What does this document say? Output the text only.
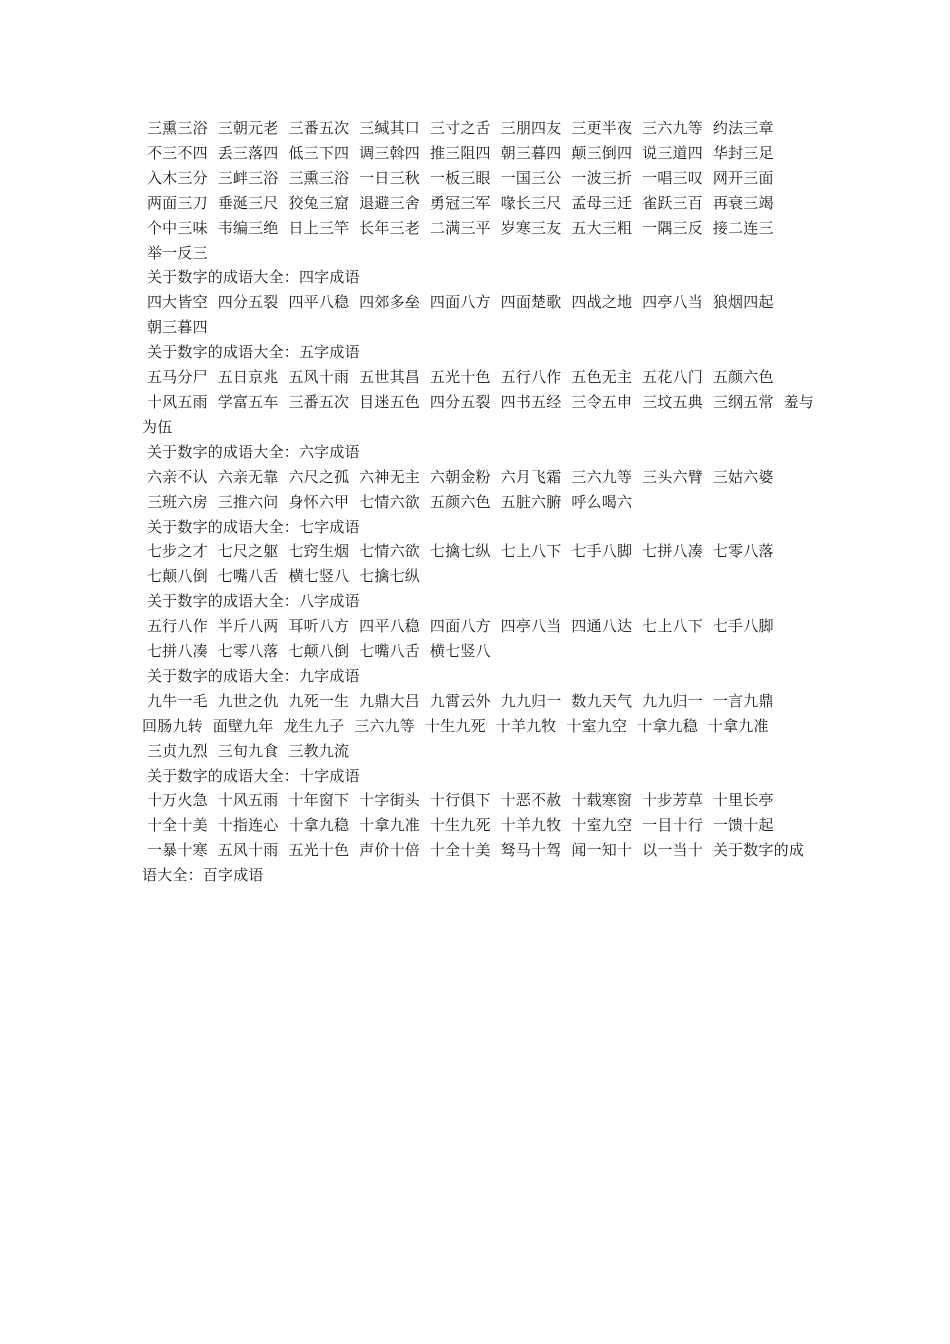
三熏三浴  三朝元老  三番五次  三缄其口  三寸之舌  三朋四友  三更半夜  三六九等  约法三章

不三不四  丢三落四  低三下四  调三斡四  推三阻四  朝三暮四  颠三倒四  说三道四  华封三足

入木三分  三衅三浴  三熏三浴  一日三秋  一板三眼  一国三公  一波三折  一唱三叹  网开三面

两面三刀  垂涎三尺  狡兔三窟  退避三舍  勇冠三军  喙长三尺  孟母三迁  雀跃三百  再衰三竭

个中三味  韦编三绝  日上三竿  长年三老  二满三平  岁寒三友  五大三粗  一隅三反  接二连三

举一反三

关于数字的成语大全：四字成语

四大皆空  四分五裂  四平八稳  四郊多垒  四面八方  四面楚歌  四战之地  四亭八当  狼烟四起

朝三暮四

关于数字的成语大全：五字成语

五马分尸  五日京兆  五风十雨  五世其昌  五光十色  五行八作  五色无主  五花八门  五颜六色

十风五雨  学富五车  三番五次  目迷五色  四分五裂  四书五经  三令五申  三坟五典  三纲五常  羞与为伍

关于数字的成语大全：六字成语

六亲不认  六亲无靠  六尺之孤  六神无主  六朝金粉  六月飞霜  三六九等  三头六臂  三姑六婆

三班六房  三推六问  身怀六甲  七情六欲  五颜六色  五脏六腑  呼么喝六

关于数字的成语大全：七字成语

七步之才  七尺之躯  七窍生烟  七情六欲  七擒七纵  七上八下  七手八脚  七拼八凑  七零八落

七颠八倒  七嘴八舌  横七竖八  七擒七纵

关于数字的成语大全：八字成语

五行八作  半斤八两  耳听八方  四平八稳  四面八方  四亭八当  四通八达  七上八下  七手八脚

七拼八凑  七零八落  七颠八倒  七嘴八舌  横七竖八

关于数字的成语大全：九字成语

九牛一毛  九世之仇  九死一生  九鼎大吕  九霄云外  九九归一  数九天气  九九归一  一言九鼎

回肠九转  面壁九年  龙生九子  三六九等  十生九死  十羊九牧  十室九空  十拿九稳  十拿九准

三贞九烈  三旬九食  三教九流

关于数字的成语大全：十字成语

十万火急  十风五雨  十年窗下  十字街头  十行俱下  十恶不赦  十载寒窗  十步芳草  十里长亭

十全十美  十指连心  十拿九稳  十拿九准  十生九死  十羊九牧  十室九空  一目十行  一馈十起

一暴十寒  五风十雨  五光十色  声价十倍  十全十美  驽马十驾  闻一知十  以一当十  关于数字的成语大全：百字成语
